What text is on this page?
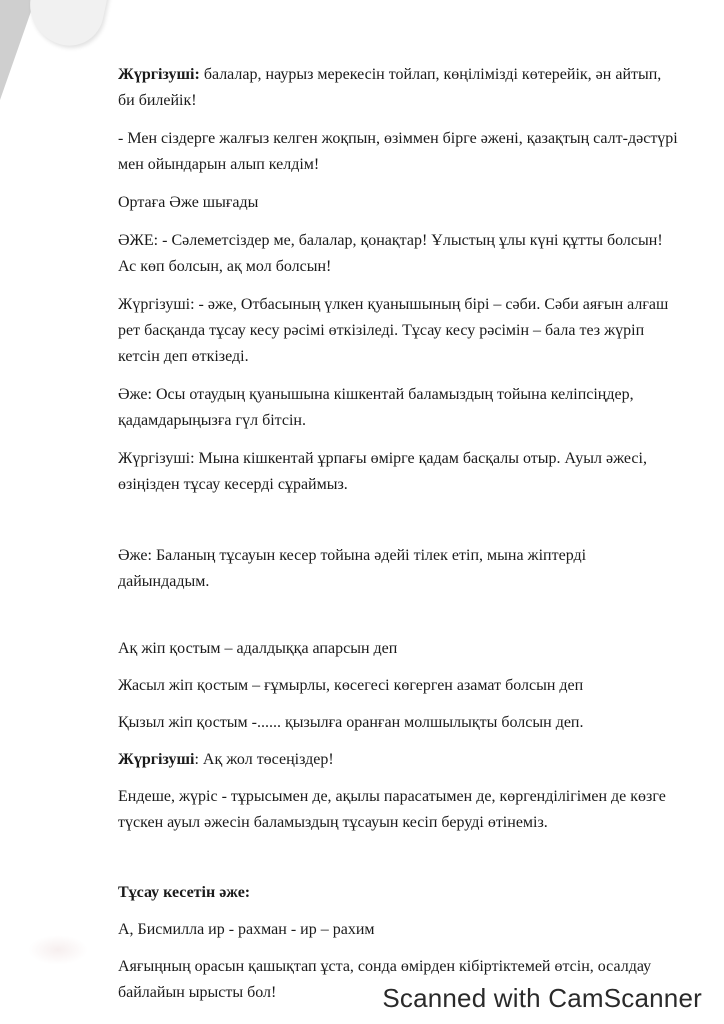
Жүргізуші: балалар, наурыз мерекесін тойлап, көңілімізді көтерейік, ән айтып, би билейік!

- Мен сіздерге жалғыз келген жоқпын, өзіммен бірге әжені, қазақтың салт-дәстүрі мен ойындарын алып келдім!

Ортаға Әже шығады

ӘЖЕ: - Сәлеметсіздер ме, балалар, қонақтар! Ұлыстың ұлы күні құтты болсын! Ас көп болсын, ақ мол болсын!

Жүргізуші: - әже, Отбасының үлкен қуанышының бірі – сәби. Сәби аяғын алғаш рет басқанда тұсау кесу рәсімі өткізіледі. Тұсау кесу рәсімін – бала тез жүріп кетсін деп өткізеді.

Әже: Осы отаудың қуанышына кішкентай баламыздың тойына келіпсіңдер, қадамдарыңызға гүл бітсін.

Жүргізуші: Мына кішкентай ұрпағы өмірге қадам басқалы отыр. Ауыл әжесі, өзіңізден тұсау кесерді сұраймыз.

Әже: Баланың тұсауын кесер тойына әдейі тілек етіп, мына жіптерді дайындадым.

Ақ жіп қостым – адалдыққа апарсын деп

Жасыл жіп қостым – ғұмырлы, көсегесі көгерген азамат болсын деп

Қызыл жіп қостым -...... қызылға оранған молшылықты болсын деп.

Жүргізуші: Ақ жол төсеңіздер!

Ендеше, жүріс - тұрысымен де, ақылы парасатымен де, көргенділігімен де көзге түскен ауыл әжесін баламыздың тұсауын кесіп беруді өтінеміз.

Тұсау кесетін әже:

А, Бисмилла ир - рахман - ир – рахим

Аяғыңның орасын қашықтап ұста, сонда өмірден кібіртіктемей өтсін, осалдау байлайын ырысты бол!	Scanned with CamScanner
